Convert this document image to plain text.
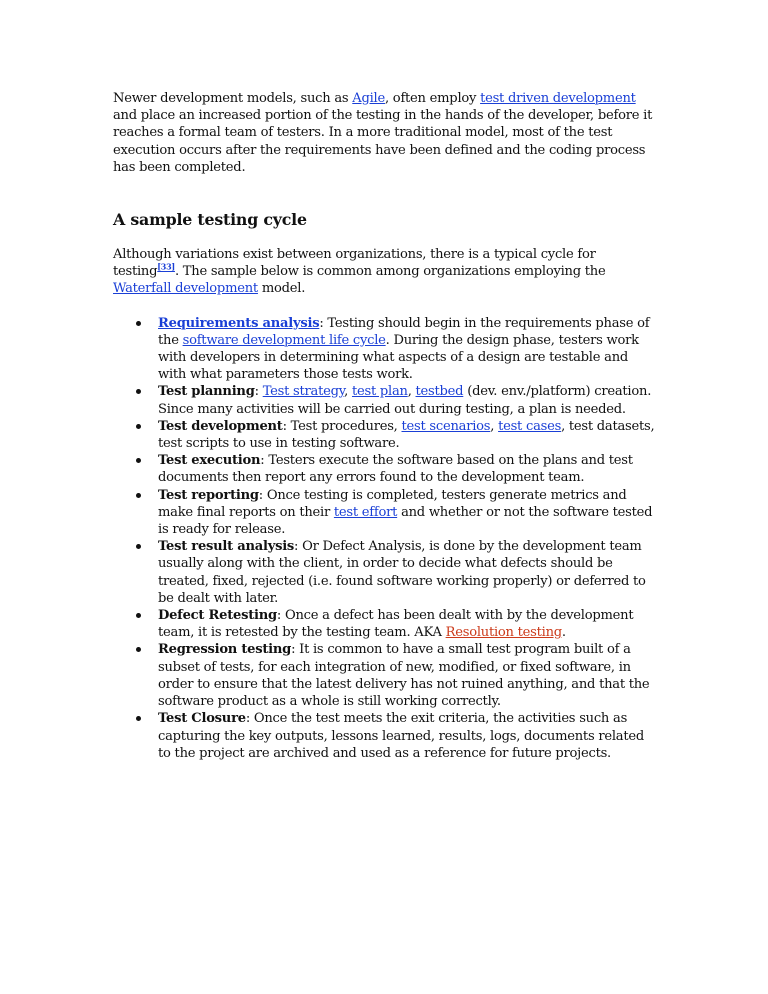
Newer development models, such as Agile, often employ test driven development and place an increased portion of the testing in the hands of the developer, before it reaches a formal team of testers. In a more traditional model, most of the test execution occurs after the requirements have been defined and the coding process has been completed.

A sample testing cycle

Although variations exist between organizations, there is a typical cycle for testing[33]. The sample below is common among organizations employing the Waterfall development model.

Requirements analysis: Testing should begin in the requirements phase of the software development life cycle. During the design phase, testers work with developers in determining what aspects of a design are testable and with what parameters those tests work.
Test planning: Test strategy, test plan, testbed (dev. env./platform) creation. Since many activities will be carried out during testing, a plan is needed.
Test development: Test procedures, test scenarios, test cases, test datasets, test scripts to use in testing software.
Test execution: Testers execute the software based on the plans and test documents then report any errors found to the development team.
Test reporting: Once testing is completed, testers generate metrics and make final reports on their test effort and whether or not the software tested is ready for release.
Test result analysis: Or Defect Analysis, is done by the development team usually along with the client, in order to decide what defects should be treated, fixed, rejected (i.e. found software working properly) or deferred to be dealt with later.
Defect Retesting: Once a defect has been dealt with by the development team, it is retested by the testing team. AKA Resolution testing.
Regression testing: It is common to have a small test program built of a subset of tests, for each integration of new, modified, or fixed software, in order to ensure that the latest delivery has not ruined anything, and that the software product as a whole is still working correctly.
Test Closure: Once the test meets the exit criteria, the activities such as capturing the key outputs, lessons learned, results, logs, documents related to the project are archived and used as a reference for future projects.
